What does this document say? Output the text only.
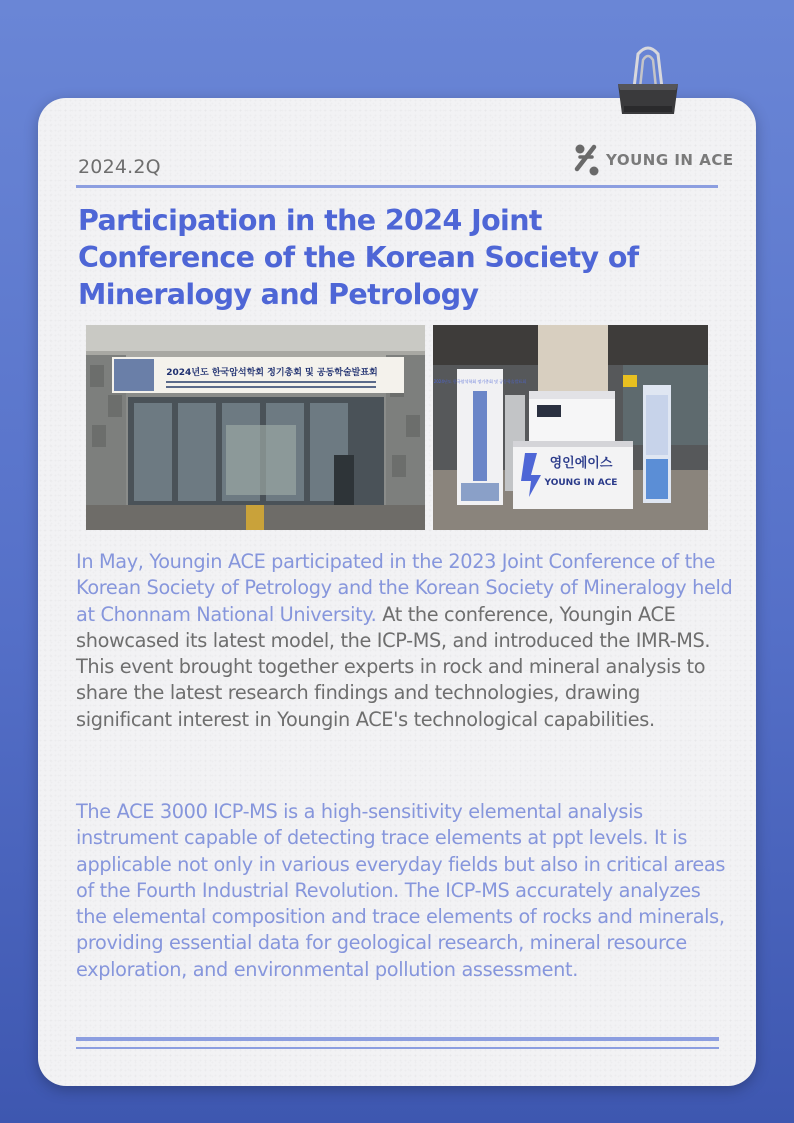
2024.2Q	YOUNG IN ACE
Participation in the 2024 Joint Conference of the Korean Society of Mineralogy and Petrology
2024년도 한국암석학회 정기총회 및 공동학술발표회
2024년도 한국암석학회 정기총회 및 공동학술발표회
영인에이스
YOUNG IN ACE

In May, Youngin ACE participated in the 2023 Joint Conference of the Korean Society of Petrology and the Korean Society of Mineralogy held at Chonnam National University. At the conference, Youngin ACE showcased its latest model, the ICP-MS, and introduced the IMR-MS. This event brought together experts in rock and mineral analysis to share the latest research findings and technologies, drawing significant interest in Youngin ACE's technological capabilities.

The ACE 3000 ICP-MS is a high-sensitivity elemental analysis instrument capable of detecting trace elements at ppt levels. It is applicable not only in various everyday fields but also in critical areas of the Fourth Industrial Revolution. The ICP-MS accurately analyzes the elemental composition and trace elements of rocks and minerals, providing essential data for geological research, mineral resource exploration, and environmental pollution assessment.
